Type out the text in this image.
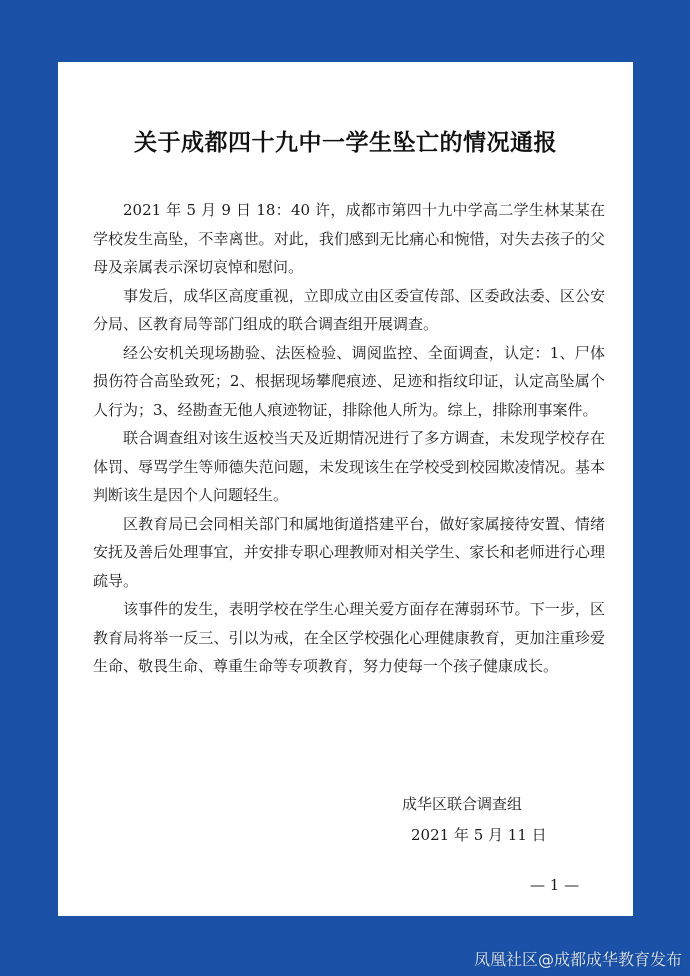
关于成都四十九中一学生坠亡的情况通报

2021 年 5 月 9 日 18：40 许，成都市第四十九中学高二学生林某某在学校发生高坠，不幸离世。对此，我们感到无比痛心和惋惜，对失去孩子的父母及亲属表示深切哀悼和慰问。

事发后，成华区高度重视，立即成立由区委宣传部、区委政法委、区公安分局、区教育局等部门组成的联合调查组开展调查。

经公安机关现场勘验、法医检验、调阅监控、全面调查，认定：1、尸体损伤符合高坠致死；2、根据现场攀爬痕迹、足迹和指纹印证，认定高坠属个人行为；3、经勘查无他人痕迹物证，排除他人所为。综上，排除刑事案件。

联合调查组对该生返校当天及近期情况进行了多方调查，未发现学校存在体罚、辱骂学生等师德失范问题，未发现该生在学校受到校园欺凌情况。基本判断该生是因个人问题轻生。

区教育局已会同相关部门和属地街道搭建平台，做好家属接待安置、情绪安抚及善后处理事宜，并安排专职心理教师对相关学生、家长和老师进行心理疏导。

该事件的发生，表明学校在学生心理关爱方面存在薄弱环节。下一步，区教育局将举一反三、引以为戒，在全区学校强化心理健康教育，更加注重珍爱生命、敬畏生命、尊重生命等专项教育，努力使每一个孩子健康成长。

成华区联合调查组
2021 年 5 月 11 日
— 1 —
凤凰社区@成都成华教育发布
